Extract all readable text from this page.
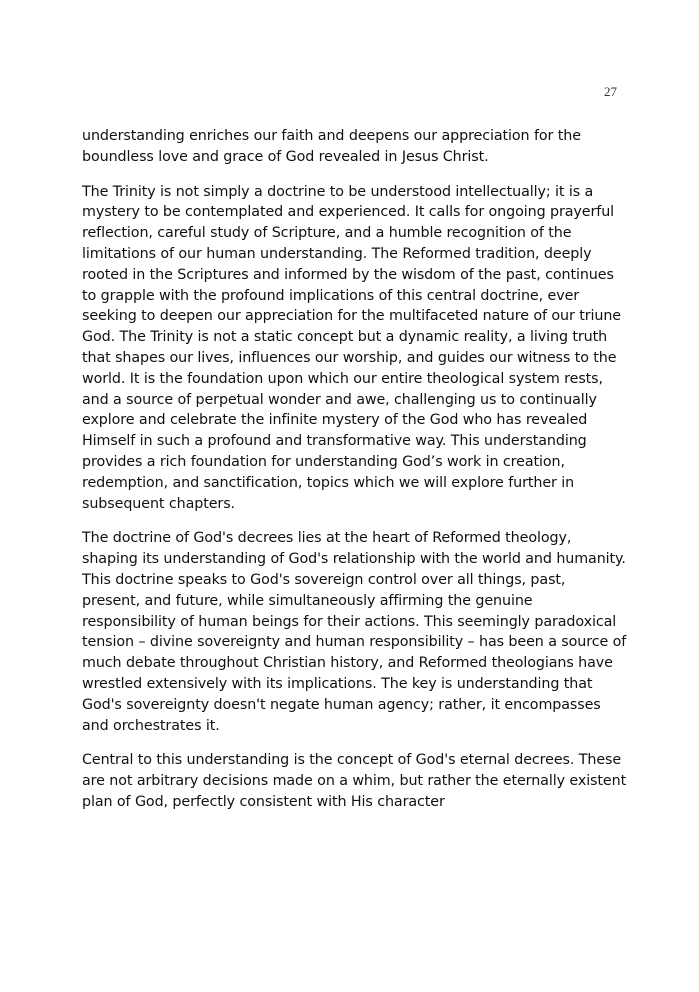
27

understanding enriches our faith and deepens our appreciation for the boundless love and grace of God revealed in Jesus Christ.

The Trinity is not simply a doctrine to be understood intellectually; it is a mystery to be contemplated and experienced. It calls for ongoing prayerful reflection, careful study of Scripture, and a humble recognition of the limitations of our human understanding. The Reformed tradition, deeply rooted in the Scriptures and informed by the wisdom of the past, continues to grapple with the profound implications of this central doctrine, ever seeking to deepen our appreciation for the multifaceted nature of our triune God. The Trinity is not a static concept but a dynamic reality, a living truth that shapes our lives, influences our worship, and guides our witness to the world. It is the foundation upon which our entire theological system rests, and a source of perpetual wonder and awe, challenging us to continually explore and celebrate the infinite mystery of the God who has revealed Himself in such a profound and transformative way. This understanding provides a rich foundation for understanding God’s work in creation, redemption, and sanctification, topics which we will explore further in subsequent chapters.

The doctrine of God's decrees lies at the heart of Reformed theology, shaping its understanding of God's relationship with the world and humanity. This doctrine speaks to God's sovereign control over all things, past, present, and future, while simultaneously affirming the genuine responsibility of human beings for their actions. This seemingly paradoxical tension – divine sovereignty and human responsibility – has been a source of much debate throughout Christian history, and Reformed theologians have wrestled extensively with its implications. The key is understanding that God's sovereignty doesn't negate human agency; rather, it encompasses and orchestrates it.

Central to this understanding is the concept of God's eternal decrees. These are not arbitrary decisions made on a whim, but rather the eternally existent plan of God, perfectly consistent with His character
